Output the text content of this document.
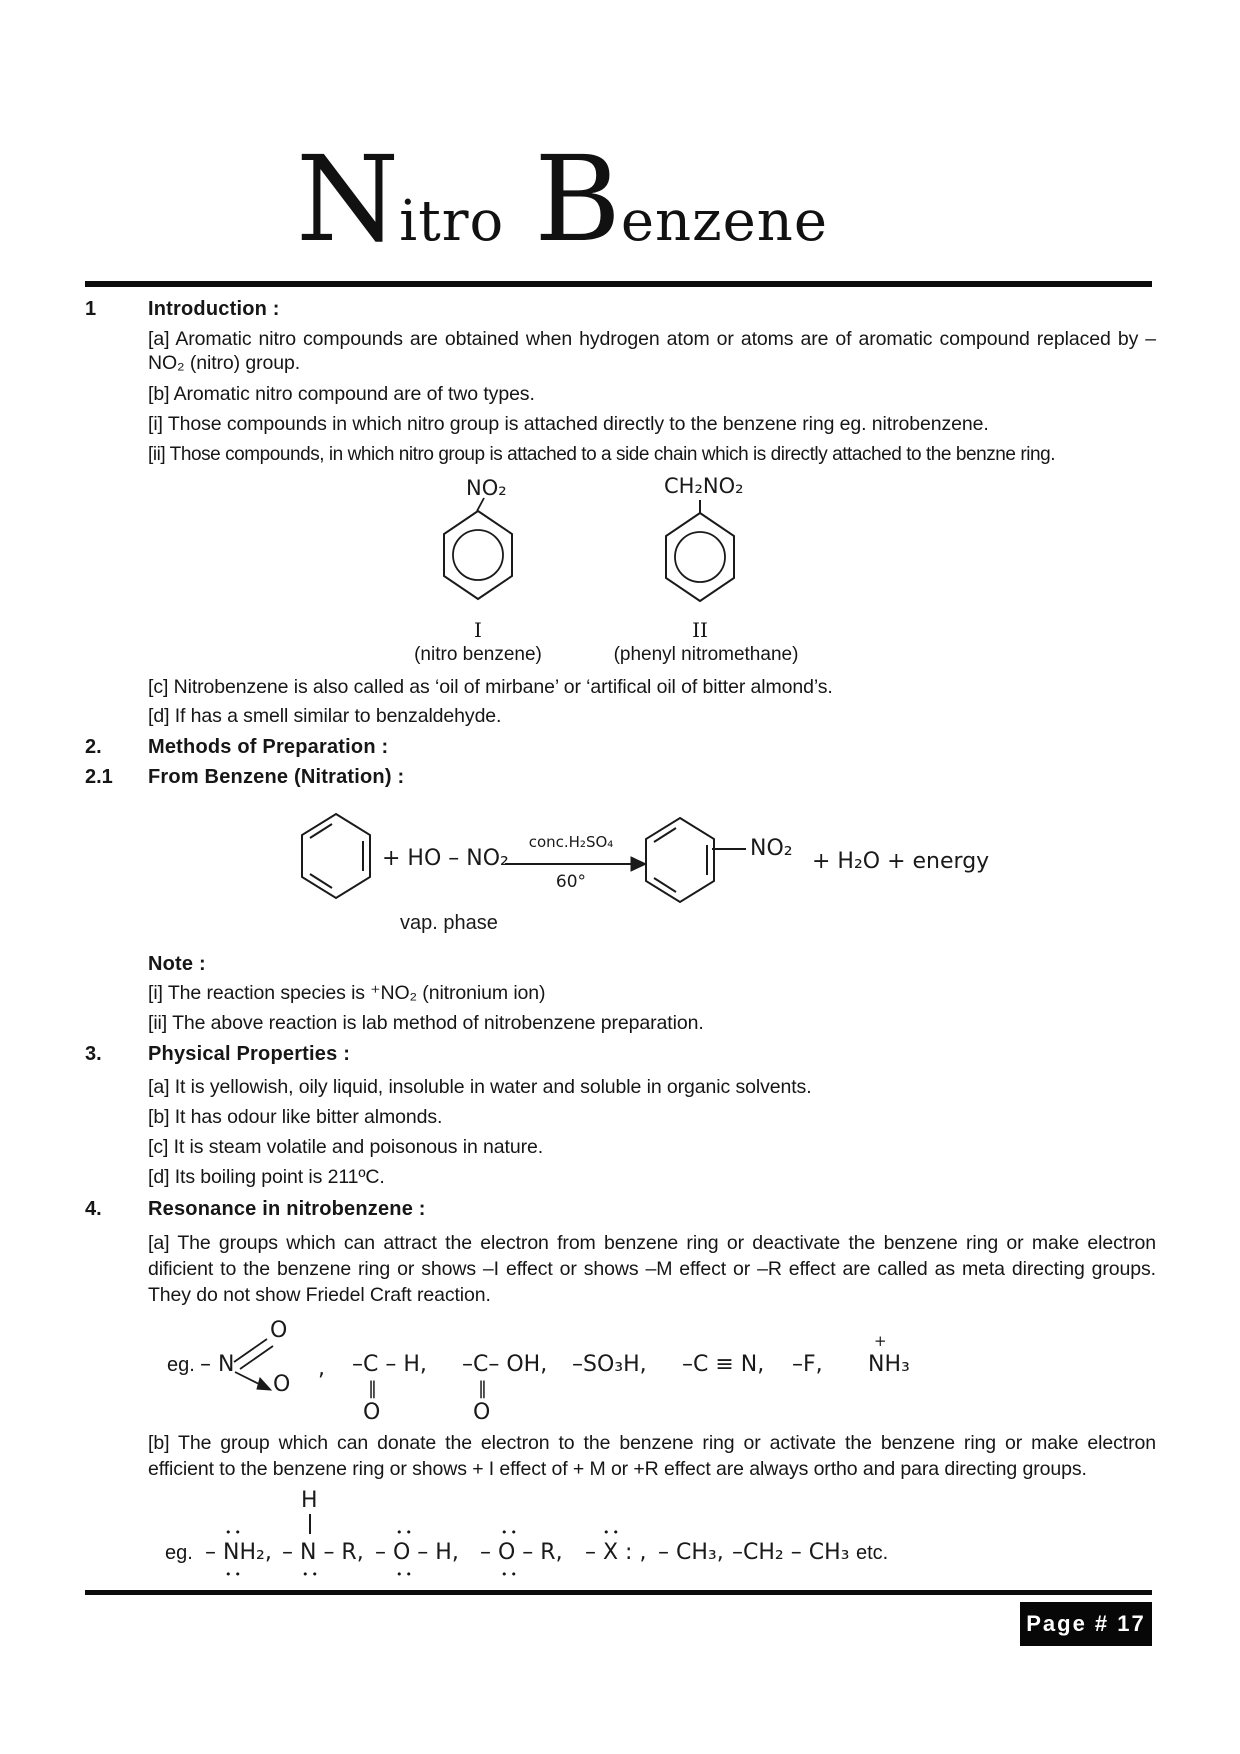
Nitro Benzene
1	Introduction :
[a] Aromatic nitro compounds are obtained when hydrogen atom or atoms are of aromatic compound replaced by –NO₂ (nitro) group.
[b] Aromatic nitro compound are of two types.
[i] Those compounds in which nitro group is attached directly to the benzene ring eg. nitrobenzene.
[ii] Those compounds, in which nitro group is attached to a side chain which is directly attached to the benzne ring.
NO₂	CH₂NO₂
I	II
(nitro benzene)	(phenyl nitromethane)
[c] Nitrobenzene is also called as ‘oil of mirbane’ or ‘artifical oil of bitter almond’s.
[d] If has a smell similar to benzaldehyde.
2. Methods of Preparation :
2.1 From Benzene (Nitration) :
+ HO – NO₂
conc.H₂SO₄
60°
NO₂
+ H₂O + energy
vap. phase
Note :
[i] The reaction species is ⁺NO₂ (nitronium ion)
[ii] The above reaction is lab method of nitrobenzene preparation.
3. Physical Properties :
[a] It is yellowish, oily liquid, insoluble in water and soluble in organic solvents.
[b] It has odour like bitter almonds.
[c] It is steam volatile and poisonous in nature.
[d] Its boiling point is 211ºC.
4. Resonance in nitrobenzene :
[a] The groups which can attract the electron from benzene ring or deactivate the benzene ring or make electron dificient to the benzene ring or shows –I effect or shows –M effect or –R effect are called as meta directing groups. They do not show Friedel Craft reaction.
eg. – N
O
O
, –C – H,
‖
O
–C– OH,
‖
O
–SO₃H, –C ≡ N, –F,
+
NH₃
[b] The group which can donate the electron to the benzene ring or activate the benzene ring or make electron efficient to the benzene ring or shows + I effect of + M or +R effect are always ortho and para directing groups.
H
••	••	••	••
eg. – NH₂, – N – R, – O – H, – O – R, – X : , – CH₃, –CH₂ – CH₃ etc.
••	••	••	••
Page # 17
